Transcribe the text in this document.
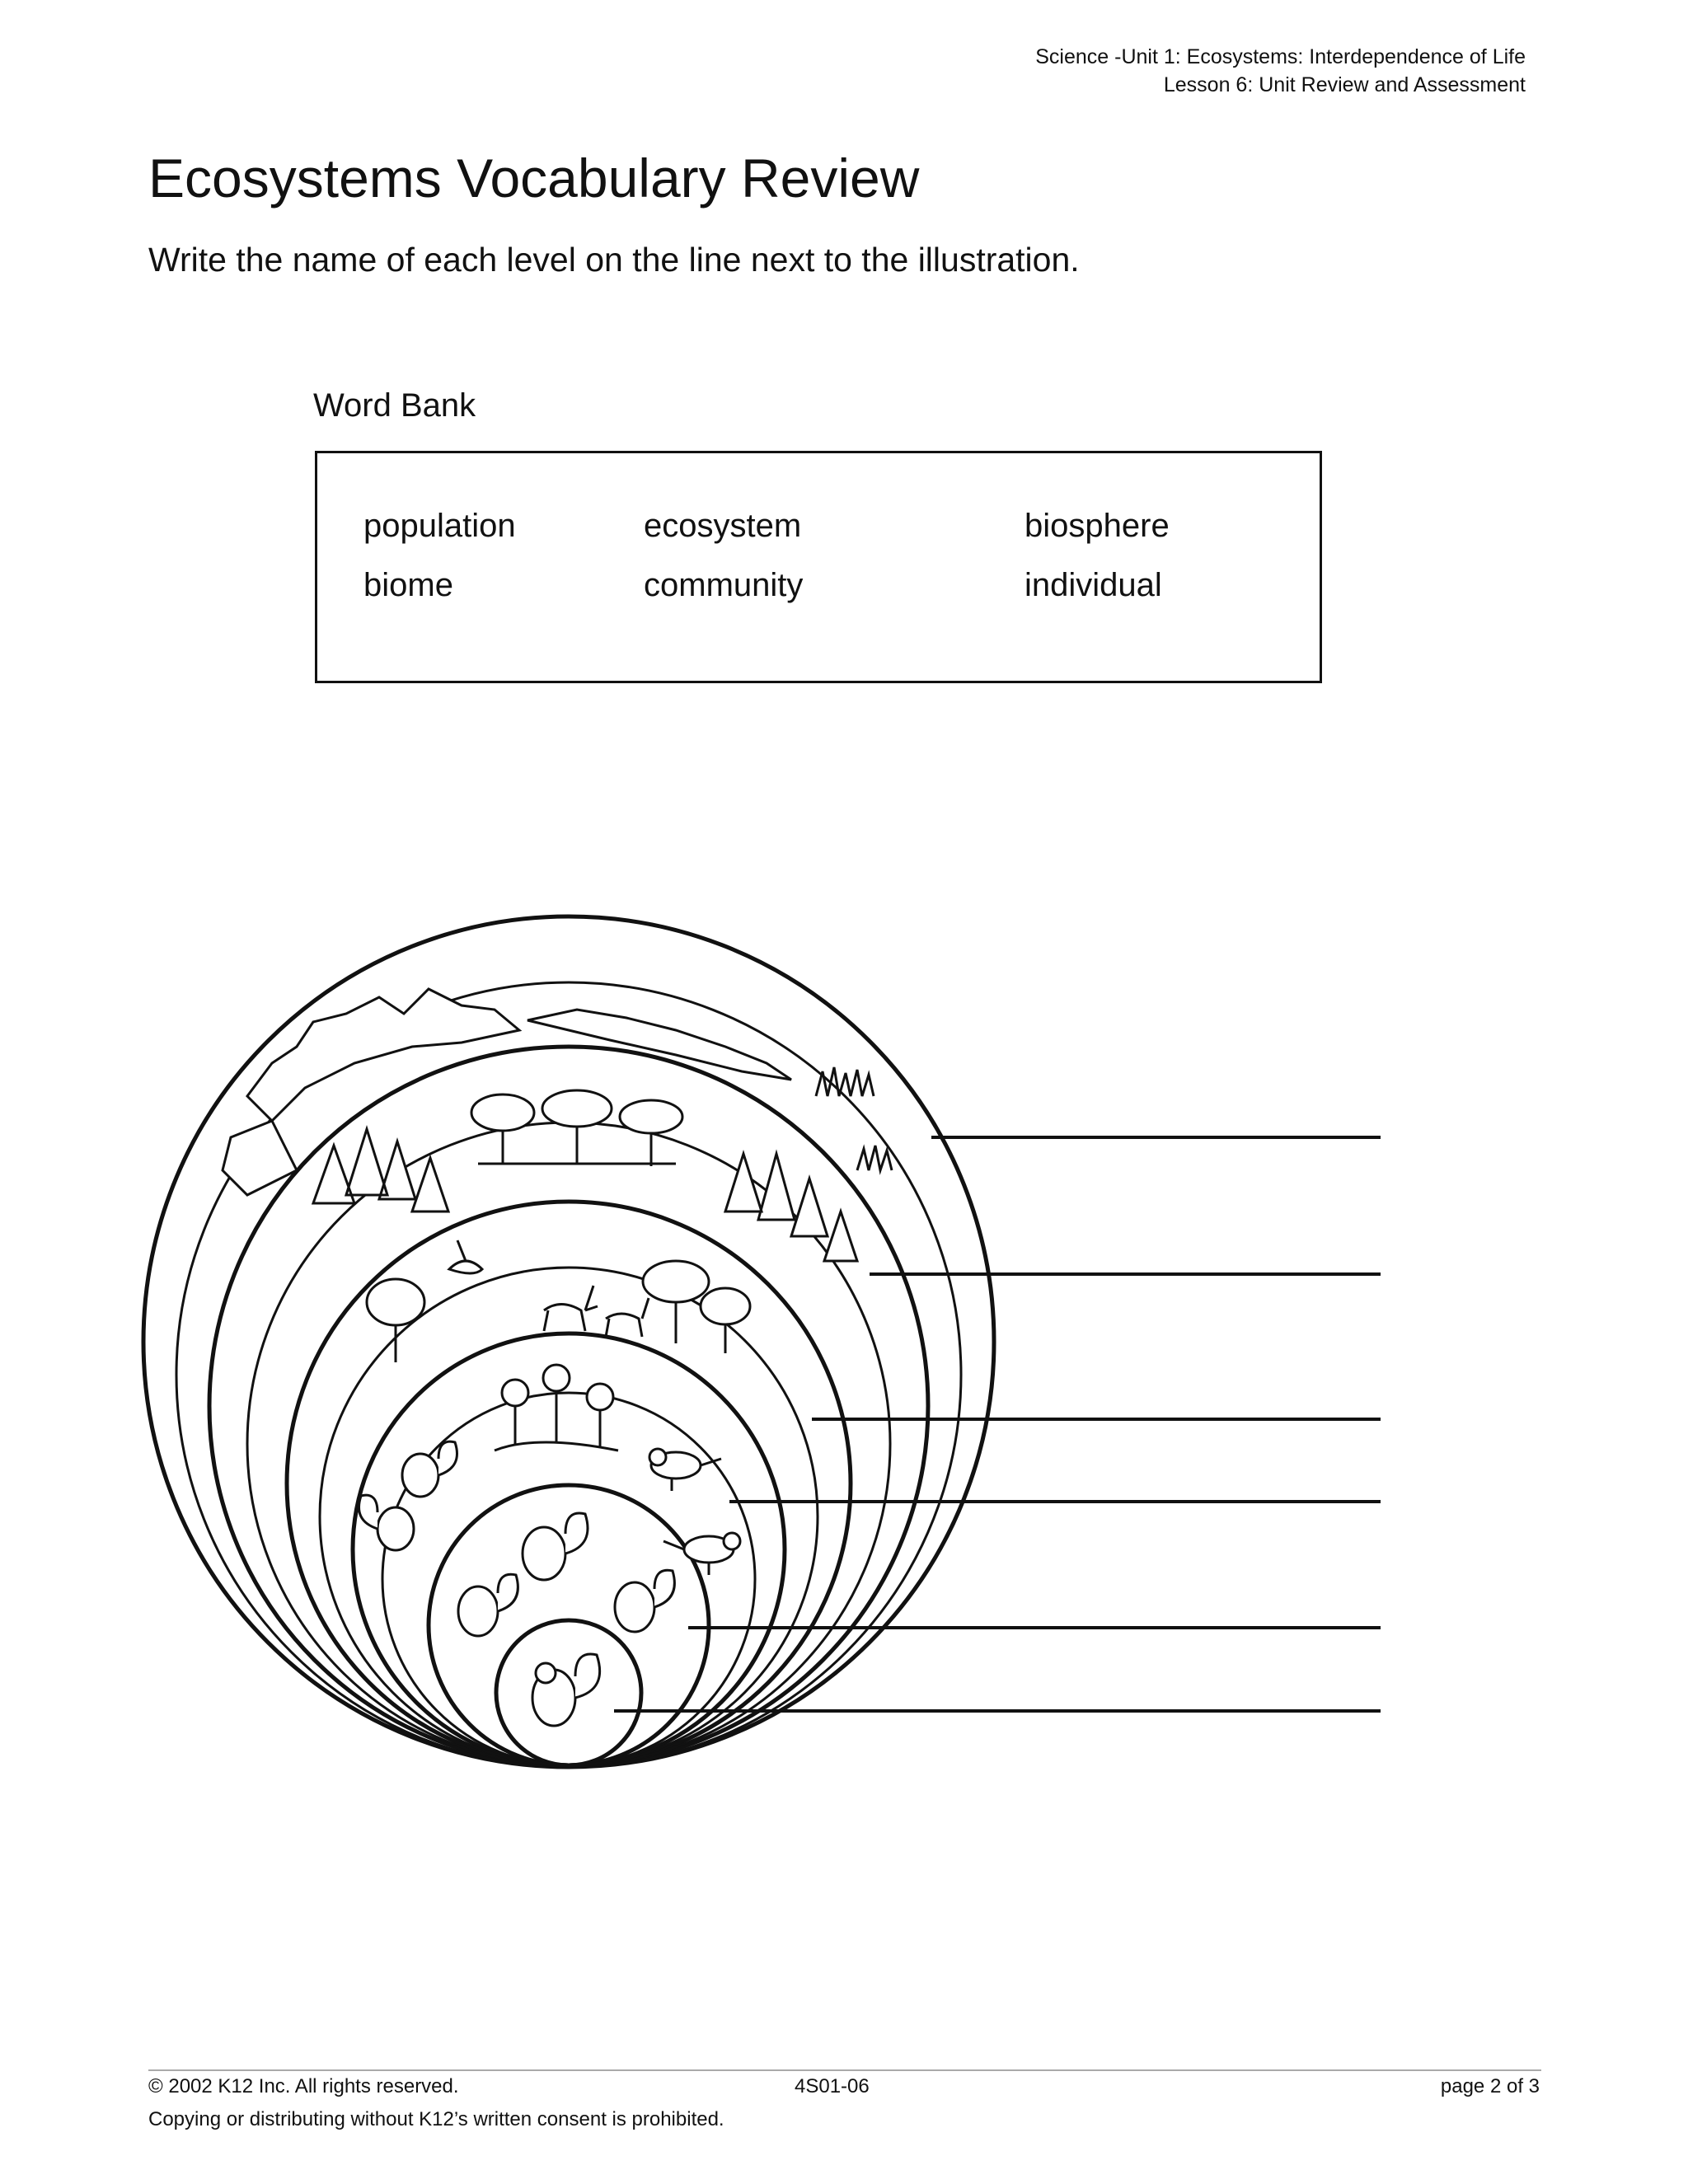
Science -Unit 1: Ecosystems: Interdependence of Life
Lesson 6: Unit Review and Assessment
Ecosystems Vocabulary Review
Write the name of each level on the line next to the illustration.
Word Bank
population	ecosystem	biosphere
biome	community	individual
© 2002 K12 Inc. All rights reserved.	4S01-06	page 2 of 3
Copying or distributing without K12’s written consent is prohibited.
